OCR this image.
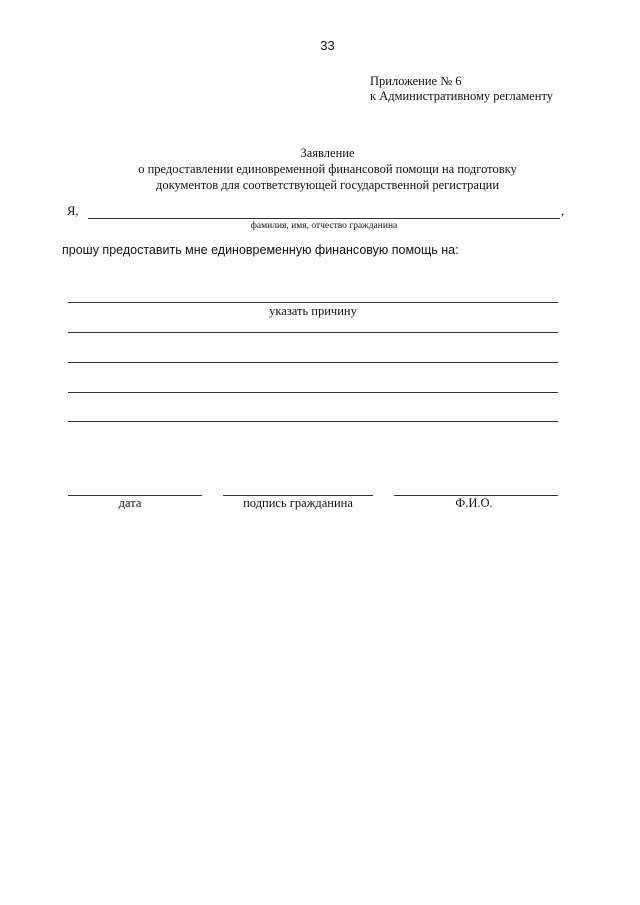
33
Приложение № 6
к Административному регламенту
Заявление
о предоставлении единовременной финансовой помощи на подготовку
документов для соответствующей государственной регистрации
Я,	,
фамилия, имя, отчество гражданина
прошу предоставить мне единовременную финансовую помощь на:
указать причину
дата	подпись гражданина	Ф.И.О.
